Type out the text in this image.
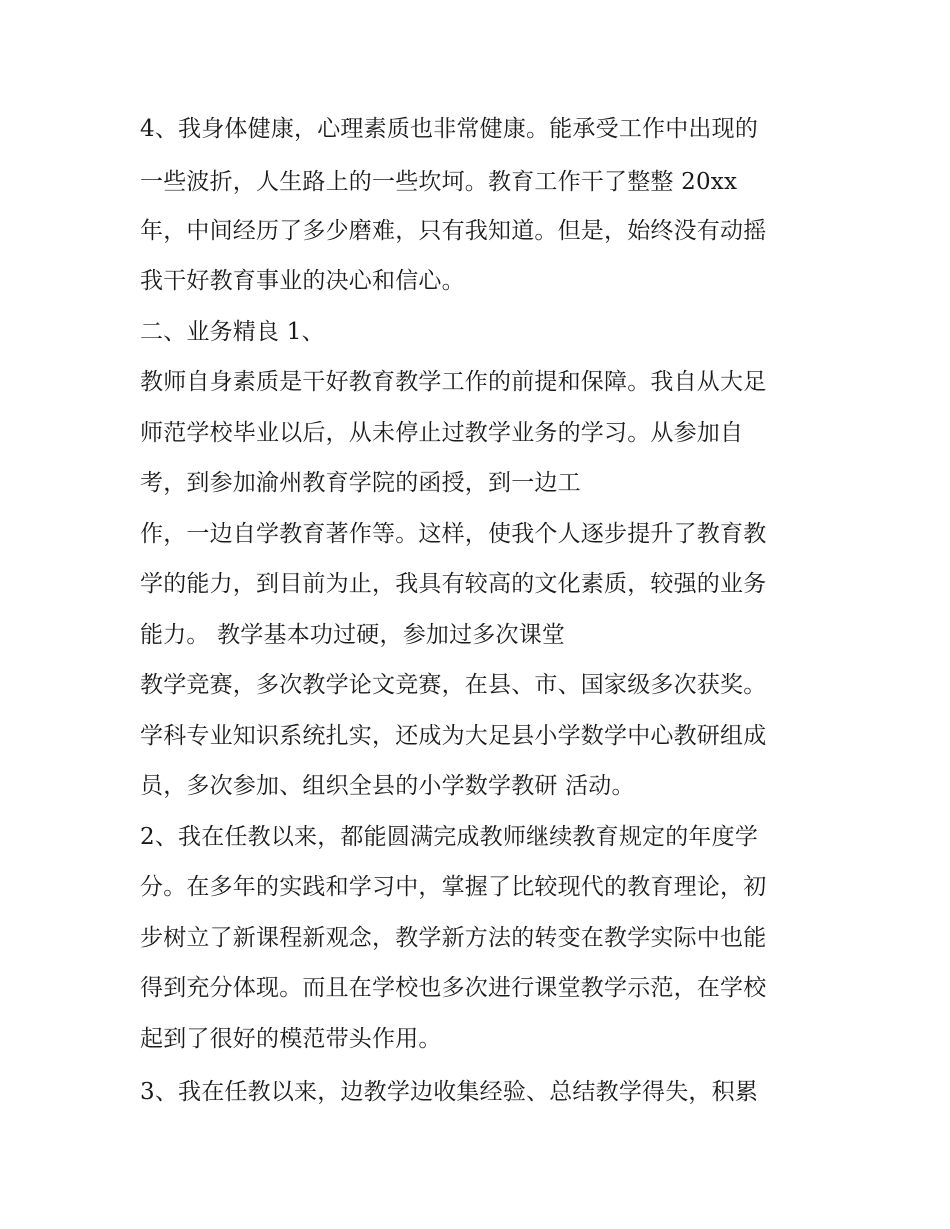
4、我身体健康，心理素质也非常健康。能承受工作中出现的
一些波折，人生路上的一些坎坷。教育工作干了整整 20xx
年，中间经历了多少磨难，只有我知道。但是，始终没有动摇
我干好教育事业的决心和信心。
二、业务精良 1、
教师自身素质是干好教育教学工作的前提和保障。我自从大足
师范学校毕业以后，从未停止过教学业务的学习。从参加自
考，到参加渝州教育学院的函授，到一边工
作，一边自学教育著作等。这样，使我个人逐步提升了教育教
学的能力，到目前为止，我具有较高的文化素质，较强的业务
能力。 教学基本功过硬，参加过多次课堂
教学竞赛，多次教学论文竞赛，在县、市、国家级多次获奖。
学科专业知识系统扎实，还成为大足县小学数学中心教研组成
员，多次参加、组织全县的小学数学教研 活动。
2、我在任教以来，都能圆满完成教师继续教育规定的年度学
分。在多年的实践和学习中，掌握了比较现代的教育理论，初
步树立了新课程新观念，教学新方法的转变在教学实际中也能
得到充分体现。而且在学校也多次进行课堂教学示范，在学校
起到了很好的模范带头作用。
3、我在任教以来，边教学边收集经验、总结教学得失，积累
